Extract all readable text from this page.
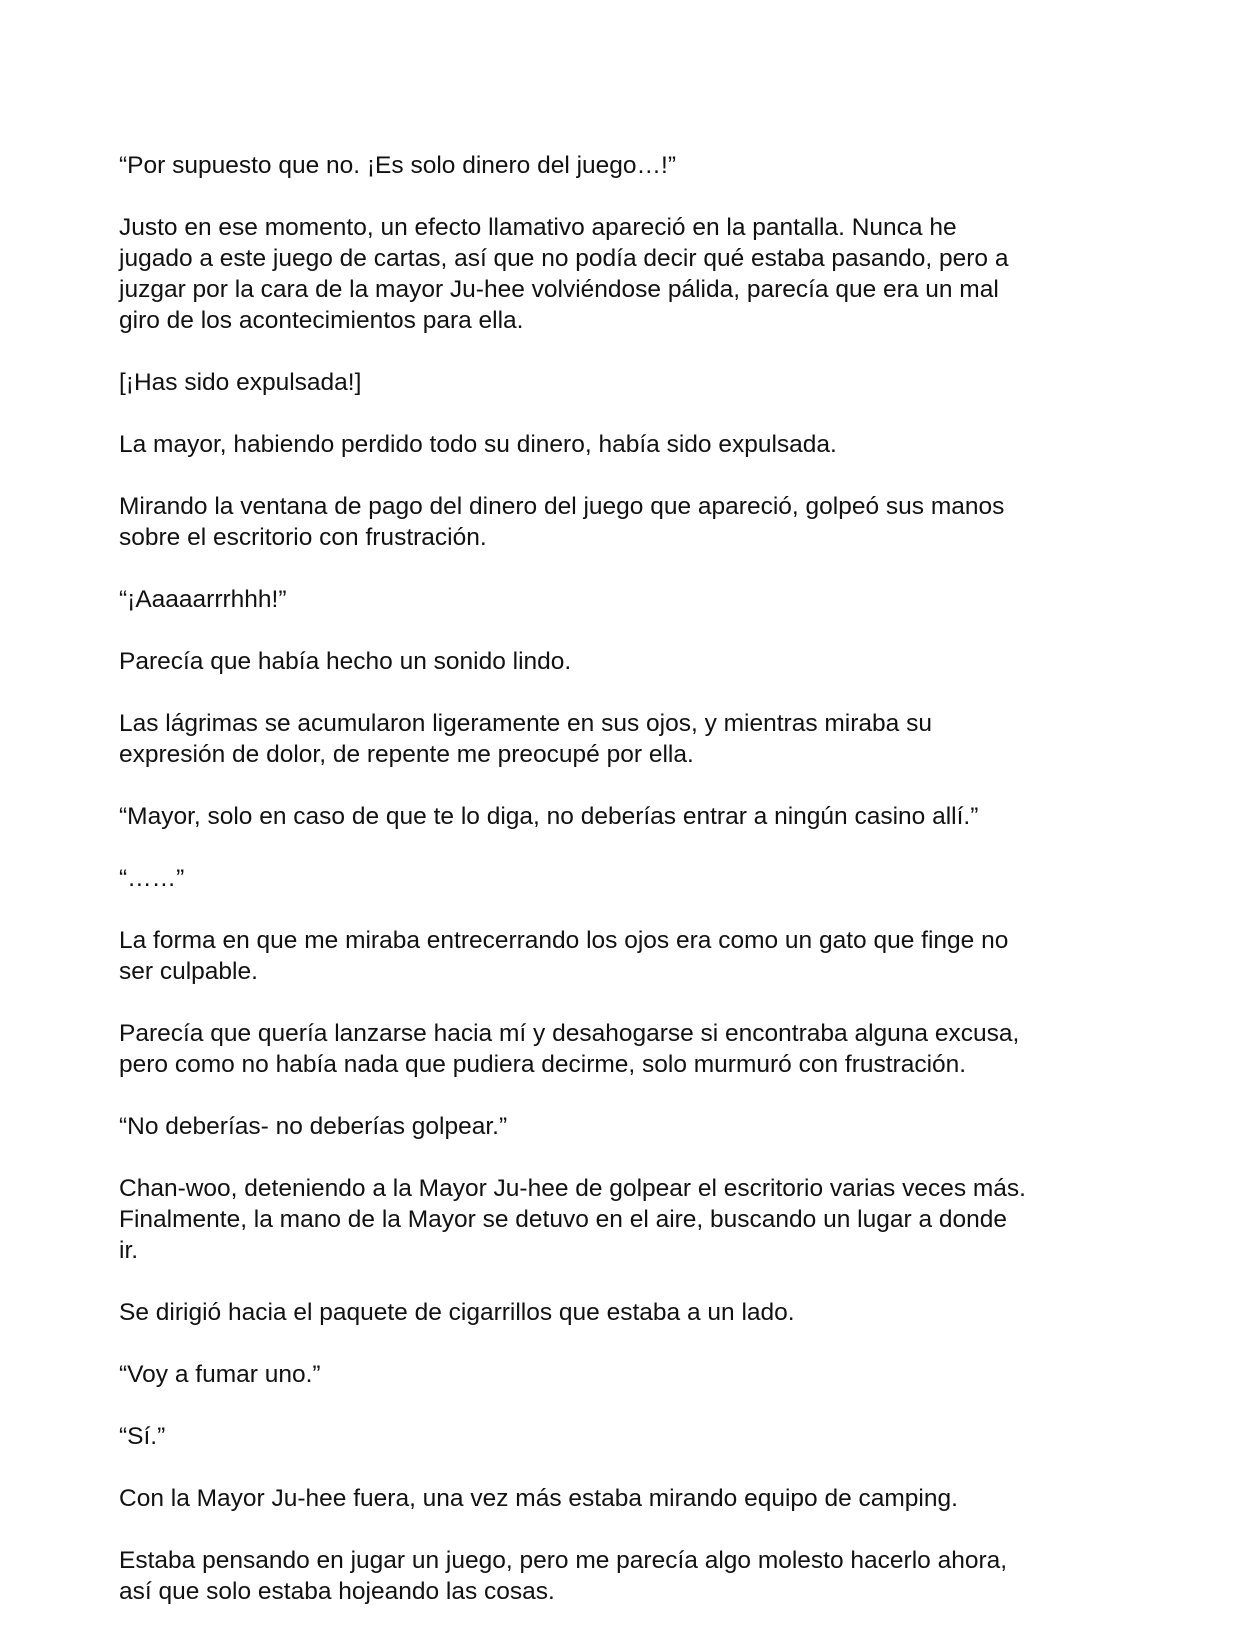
“Por supuesto que no. ¡Es solo dinero del juego…!”

Justo en ese momento, un efecto llamativo apareció en la pantalla. Nunca he
jugado a este juego de cartas, así que no podía decir qué estaba pasando, pero a
juzgar por la cara de la mayor Ju-hee volviéndose pálida, parecía que era un mal
giro de los acontecimientos para ella.

[¡Has sido expulsada!]

La mayor, habiendo perdido todo su dinero, había sido expulsada.

Mirando la ventana de pago del dinero del juego que apareció, golpeó sus manos
sobre el escritorio con frustración.

“¡Aaaaarrrhhh!”

Parecía que había hecho un sonido lindo.

Las lágrimas se acumularon ligeramente en sus ojos, y mientras miraba su
expresión de dolor, de repente me preocupé por ella.

“Mayor, solo en caso de que te lo diga, no deberías entrar a ningún casino allí.”

“……”

La forma en que me miraba entrecerrando los ojos era como un gato que finge no
ser culpable.

Parecía que quería lanzarse hacia mí y desahogarse si encontraba alguna excusa,
pero como no había nada que pudiera decirme, solo murmuró con frustración.

“No deberías- no deberías golpear.”

Chan-woo, deteniendo a la Mayor Ju-hee de golpear el escritorio varias veces más.
Finalmente, la mano de la Mayor se detuvo en el aire, buscando un lugar a donde
ir.

Se dirigió hacia el paquete de cigarrillos que estaba a un lado.

“Voy a fumar uno.”

“Sí.”

Con la Mayor Ju-hee fuera, una vez más estaba mirando equipo de camping.

Estaba pensando en jugar un juego, pero me parecía algo molesto hacerlo ahora,
así que solo estaba hojeando las cosas.
